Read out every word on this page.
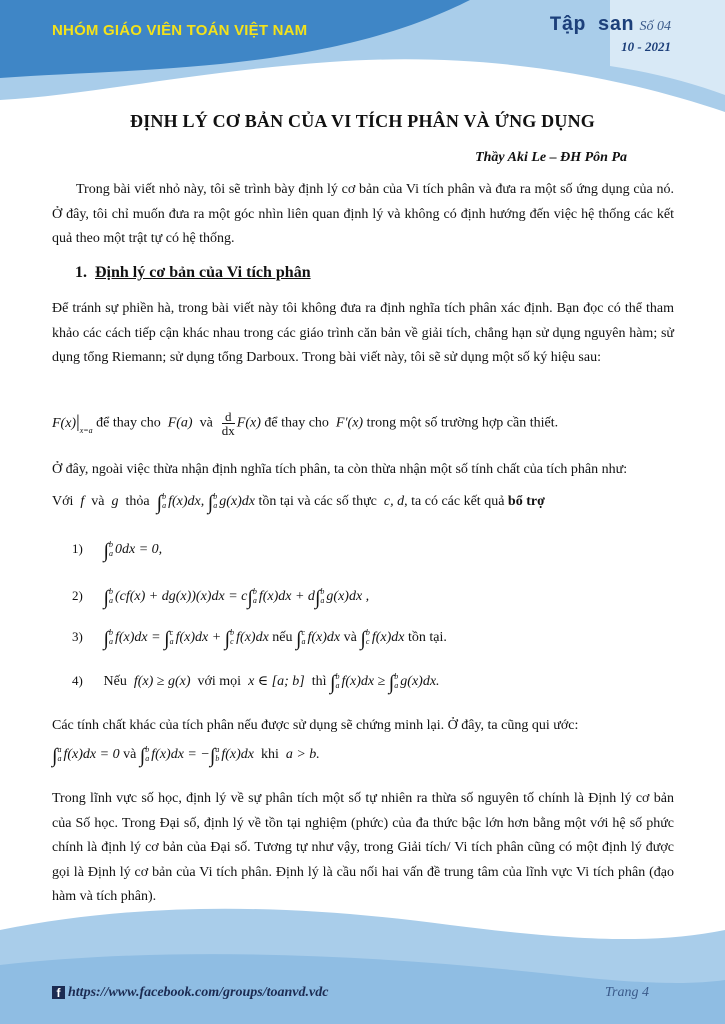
NHÓM GIÁO VIÊN TOÁN VIỆT NAM	Tập san Số 04
10 - 2021
ĐỊNH LÝ CƠ BẢN CỦA VI TÍCH PHÂN VÀ ỨNG DỤNG
Thầy Aki Le – ĐH Pôn Pa
Trong bài viết nhỏ này, tôi sẽ trình bày định lý cơ bản của Vi tích phân và đưa ra một số ứng dụng của nó. Ở đây, tôi chỉ muốn đưa ra một góc nhìn liên quan định lý và không có định hướng đến việc hệ thống các kết quả theo một trật tự có hệ thống.
1. Định lý cơ bản của Vi tích phân
Để tránh sự phiền hà, trong bài viết này tôi không đưa ra định nghĩa tích phân xác định. Bạn đọc có thể tham khảo các cách tiếp cận khác nhau trong các giáo trình căn bản về giải tích, chẳng hạn sử dụng nguyên hàm; sử dụng tổng Riemann; sử dụng tổng Darboux. Trong bài viết này, tôi sẽ sử dụng một số ký hiệu sau:
$F(x)|_{x=a}$ để thay cho  F(a) và $\frac{d}{dx} F(x)$ để thay cho  F′(x) trong một số trường hợp cần thiết.
Ở đây, ngoài việc thừa nhận định nghĩa tích phân, ta còn thừa nhận một số tính chất của tích phân như:
Với  f  và  g  thỏa ∫b
a f(x)dx, ∫b
a g(x)dx tồn tại và các số thực  c, d, ta có các kết quả bổ trợ
1) ∫b
a 0dx = 0,
2) ∫b
a (cf(x) + dg(x))(x)dx = c∫b
a f(x)dx + d∫b
a g(x)dx ,
3) ∫b
a f(x)dx = ∫c
a f(x)dx + ∫b
c f(x)dx nếu ∫c
a f(x)dx và ∫b
c f(x)dx tồn tại.
4) Nếu  f(x) ≥ g(x)  với mọi  x ∈ [a; b]  thì ∫b
a f(x)dx ≥ ∫b
a g(x)dx.
Các tính chất khác của tích phân nếu được sử dụng sẽ chứng minh lại. Ở đây, ta cũng qui ước:
∫a
a f(x)dx = 0 và ∫b
a f(x)dx = −∫a
b f(x)dx khi  a > b.
Trong lĩnh vực số học, định lý về sự phân tích một số tự nhiên ra thừa số nguyên tố chính là Định lý cơ bản của Số học. Trong Đại số, định lý về tồn tại nghiệm (phức) của đa thức bậc lớn hơn bằng một với hệ số phức chính là định lý cơ bản của Đại số. Tương tự như vậy, trong Giải tích/ Vi tích phân cũng có một định lý được gọi là Định lý cơ bản của Vi tích phân. Định lý là cầu nối hai vấn đề trung tâm của lĩnh vực Vi tích phân (đạo hàm và tích phân).
f https://www.facebook.com/groups/toanvd.vdc	Trang 4
